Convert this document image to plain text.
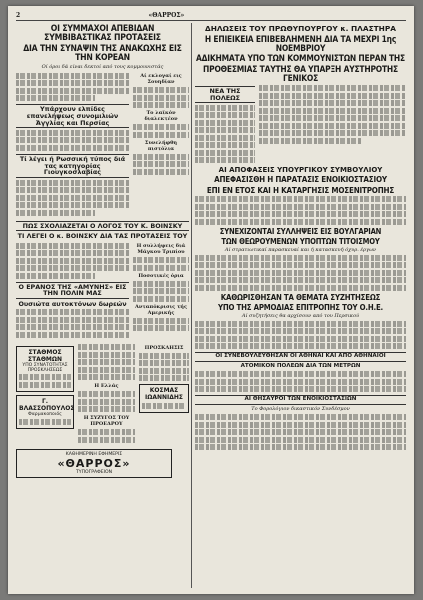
2	«ΘΑΡΡΟΣ»
ΟΙ ΣΥΜΜΑΧΟΙ ΑΠΕΒΙΔΑΝ ΣΥΜΒΙΒΑΣΤΙΚΑΣ ΠΡΟΤΑΣΕΙΣ
ΔΙΑ ΤΗΝ ΣΥΝΑΨΙΝ ΤΗΣ ΑΝΑΚΩΧΗΣ ΕΙΣ ΤΗΝ ΚΟΡΕΑΝ
Οί όροι δά είναι δεκτοί από τους κομμουνιστάς
Υπάρχουν ελπίδες επανελήψεως συνομιλιών Άγγλίας και Περσίας
Τί λέγει ή Ρωσσική τύπος διά τας κατηγορίας Γιουγκοσλαβίας
Αί εκλογαί εις Σουηδίαν
Το λαϊκόν διαλεκτέον
Συνελήφθη πιστόλια
ΠΩΣ ΣΧΟΛΙΑΖΕΤΑΙ Ο ΛΟΓΟΣ ΤΟΥ Κ. ΒΟΙΝΣΚΥ
ΤΙ ΛΕΓΕΙ Ο κ. ΒΟΙΝΣΚΥ ΔΙΑ ΤΑΣ ΠΡΟΤΑΣΕΙΣ ΤΟΥ
Ο ΕΡΑΝΟΣ ΤΗΣ «ΑΜΥΝΗΣ» ΕΙΣ ΤΗΝ ΠΟΛΙΝ ΜΑΣ
Ουσιώτα αυτοκτόνων δωρεών
Η συλλήψεις διά Μάγκου Τριπίου
Ποσοτικές όρια
Ανταπόκρισις τής Αμερικής
ΣΤΑΘΜΟΣ ΣΤΑΘΜΩΝ
ΥΠΟ ΣΥΝΑΤΟΤΗΤΑΣ ΠΡΟΣΚΛΗΣΕΩΣ
Γ. ΒΛΑΣΣΟΠΟΥΛΟΣ
Φαρμακοποιός
Η Ελλάς
Η ΣΥΖΥΓΟΣ ΤΟΥ ΠΡΟΕΔΡΟΥ
ΠΡΟΣΚΛΗΣΙΣ
ΚΟΣΜΑΣ ΙΩΑΝΝΙΔΗΣ
ΚΑΘΗΜΕΡΙΝΗ ΕΦΗΜΕΡΙΣ
«ΘΑΡΡΟΣ»
ΤΥΠΟΓΡΑΦΕΙΟΝ
ΔΗΛΩΣΕΙΣ ΤΟΥ ΠΡΩΘΥΠΟΥΡΓΟΥ κ. ΠΛΑΣΤΗΡΑ
Η ΕΠΙΕΙΚΕΙΑ ΕΠΙΒΕΒΛΗΜΕΝΗ ΔΙΑ ΤΑ ΜΕΧΡΙ 1ης ΝΟΕΜΒΡΙΟΥ
ΑΔΙΚΗΜΑΤΑ ΥΠΟ ΤΩΝ ΚΟΜΜΟΥΝΙΣΤΩΝ ΠΕΡΑΝ ΤΗΣ
ΠΡΟΘΕΣΜΙΑΣ ΤΑΥΤΗΣ ΘΑ ΥΠΑΡΞΗ ΑΥΣΤΗΡΟΤΗΣ ΓΕΝΙΚΟΣ
ΝΕΑ ΤΗΣ ΠΟΛΕΩΣ
ΑΙ ΑΠΟΦΑΣΕΙΣ ΥΠΟΥΡΓΙΚΟΥ ΣΥΜΒΟΥΛΙΟΥ
ΑΠΕΦΑΣΙΣΘΗ Η ΠΑΡΑΤΑΣΙΣ ΕΝΟΙΚΙΟΣΤΑΣΙΟΥ
ΕΠΙ ΕΝ ΕΤΟΣ ΚΑΙ Η ΚΑΤΑΡΓΗΣΙΣ ΜΟΣΕΝΙΤΡΟΠΗΣ
ΣΥΝΕΧΙΖΟΝΤΑΙ ΣΥΛΛΗΨΕΙΣ ΕΙΣ ΒΟΥΛΓΑΡΙΑΝ
ΤΩΝ ΘΕΩΡΟΥΜΕΝΩΝ ΥΠΟΠΤΩΝ ΤΙΤΟΙΣΜΟΥ
Αί στρατιωτικαί παρασκευαί και ή κατασκευή όχυρ. έργων
ΚΑΘΩΡΙΣΘΗΣΑΝ ΤΑ ΘΕΜΑΤΑ ΣΥΖΗΤΗΣΕΩΣ
ΥΠΟ ΤΗΣ ΑΡΜΟΔΙΑΣ ΕΠΙΤΡΟΠΗΣ ΤΟΥ Ο.Η.Ε.
Αί συζητήσεις θα αρχίσουν από του Περσικού
ΟΙ ΣΥΝΕΒΟΥΛΕΥΘΗΣΑΝ ΟΙ ΑΘΗΝΑΙ ΚΑΙ ΑΠΟ ΑΘΗΝΑΙΟΙ
ΑΤΟΜΙΚΟΝ ΠΟΛΕΩΝ ΔΙΑ ΤΩΝ ΜΕΤΡΩΝ
ΑΙ ΘΗΣΑΥΡΟΙ ΤΩΝ ΕΝΟΙΚΙΟΣΤΑΣΙΩΝ
Το Φορολόγιον δικαστικόν Συνδέσμον
